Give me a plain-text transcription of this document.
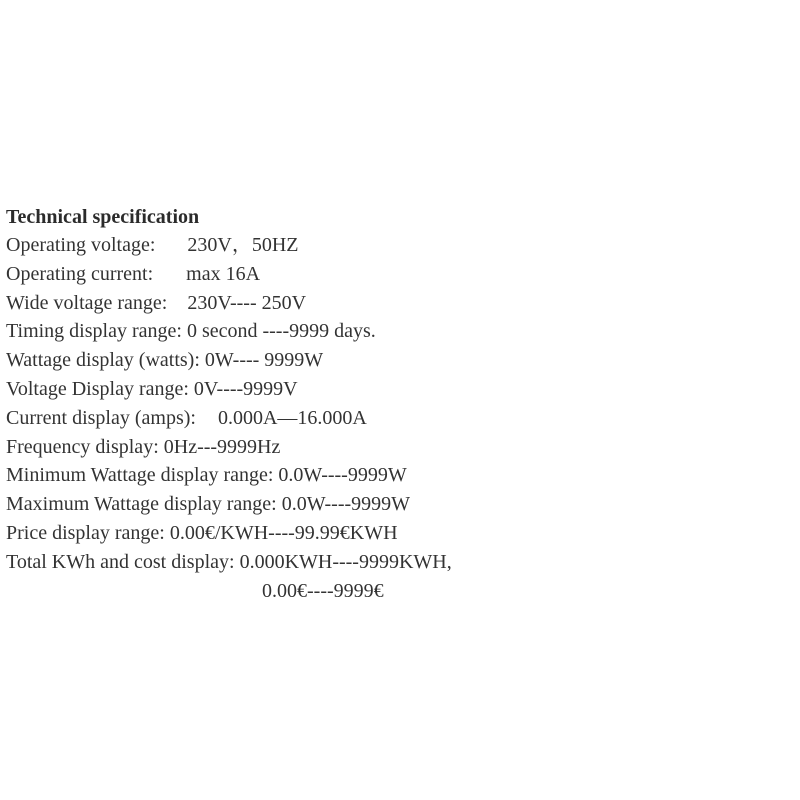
Technical specification
Operating voltage: 230V，50HZ
Operating current: max 16A
Wide voltage range: 230V---- 250V
Timing display range: 0 second ----9999 days.
Wattage display (watts): 0W---- 9999W
Voltage Display range: 0V----9999V
Current display (amps): 0.000A—16.000A
Frequency display: 0Hz---9999Hz
Minimum Wattage display range: 0.0W----9999W
Maximum Wattage display range: 0.0W----9999W
Price display range: 0.00€/KWH----99.99€KWH
Total KWh and cost display: 0.000KWH----9999KWH,
0.00€----9999€
